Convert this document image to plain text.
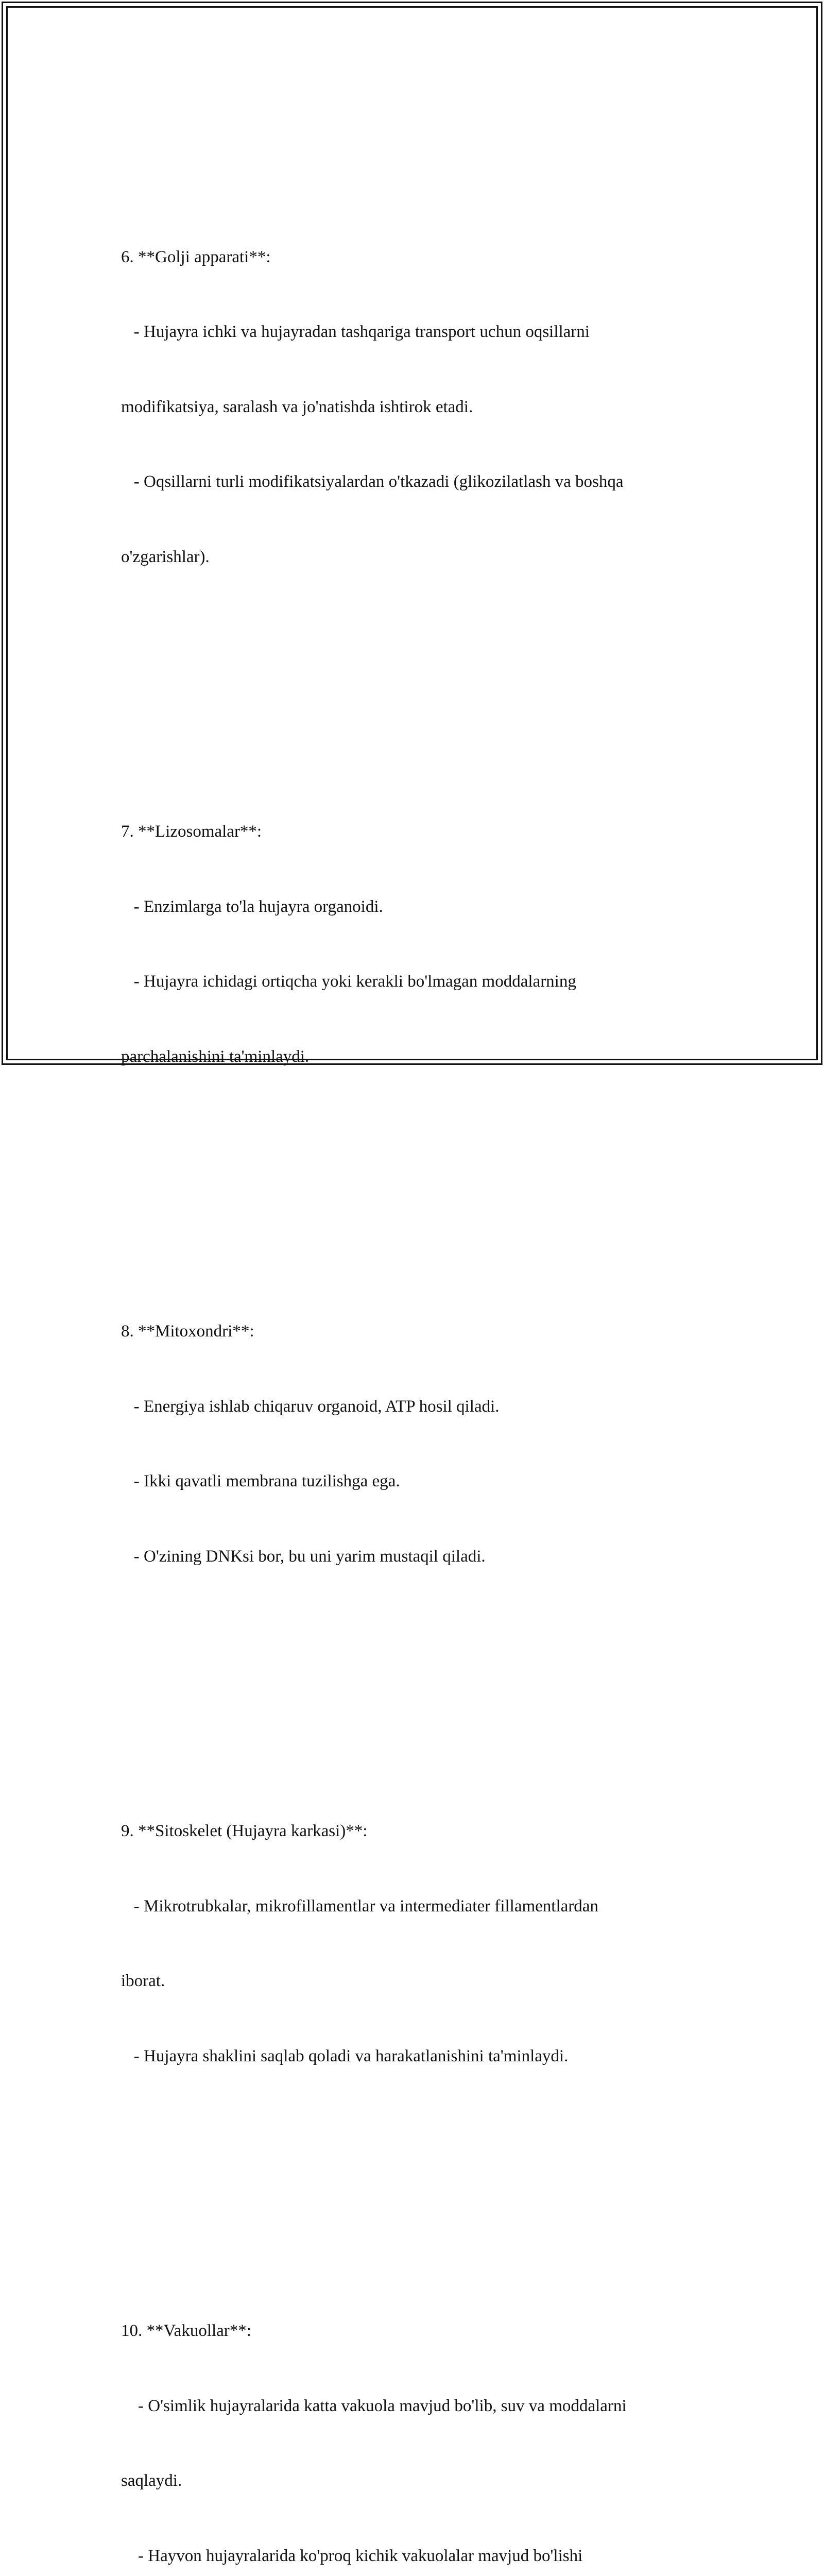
6. **Golji apparati**:

- Hujayra ichki va hujayradan tashqariga transport uchun oqsillarni

modifikatsiya, saralash va jo'natishda ishtirok etadi.

- Oqsillarni turli modifikatsiyalardan o'tkazadi (glikozilatlash va boshqa

o'zgarishlar).

7. **Lizosomalar**:

- Enzimlarga to'la hujayra organoidi.

- Hujayra ichidagi ortiqcha yoki kerakli bo'lmagan moddalarning

parchalanishini ta'minlaydi.

8. **Mitoxondri**:

- Energiya ishlab chiqaruv organoid, ATP hosil qiladi.

- Ikki qavatli membrana tuzilishga ega.

- O'zining DNKsi bor, bu uni yarim mustaqil qiladi.

9. **Sitoskelet (Hujayra karkasi)**:

- Mikrotrubkalar, mikrofillamentlar va intermediater fillamentlardan

iborat.

- Hujayra shaklini saqlab qoladi va harakatlanishini ta'minlaydi.

10. **Vakuollar**:

- O'simlik hujayralarida katta vakuola mavjud bo'lib, suv va moddalarni

saqlaydi.

- Hayvon hujayralarida ko'proq kichik vakuolalar mavjud bo'lishi
